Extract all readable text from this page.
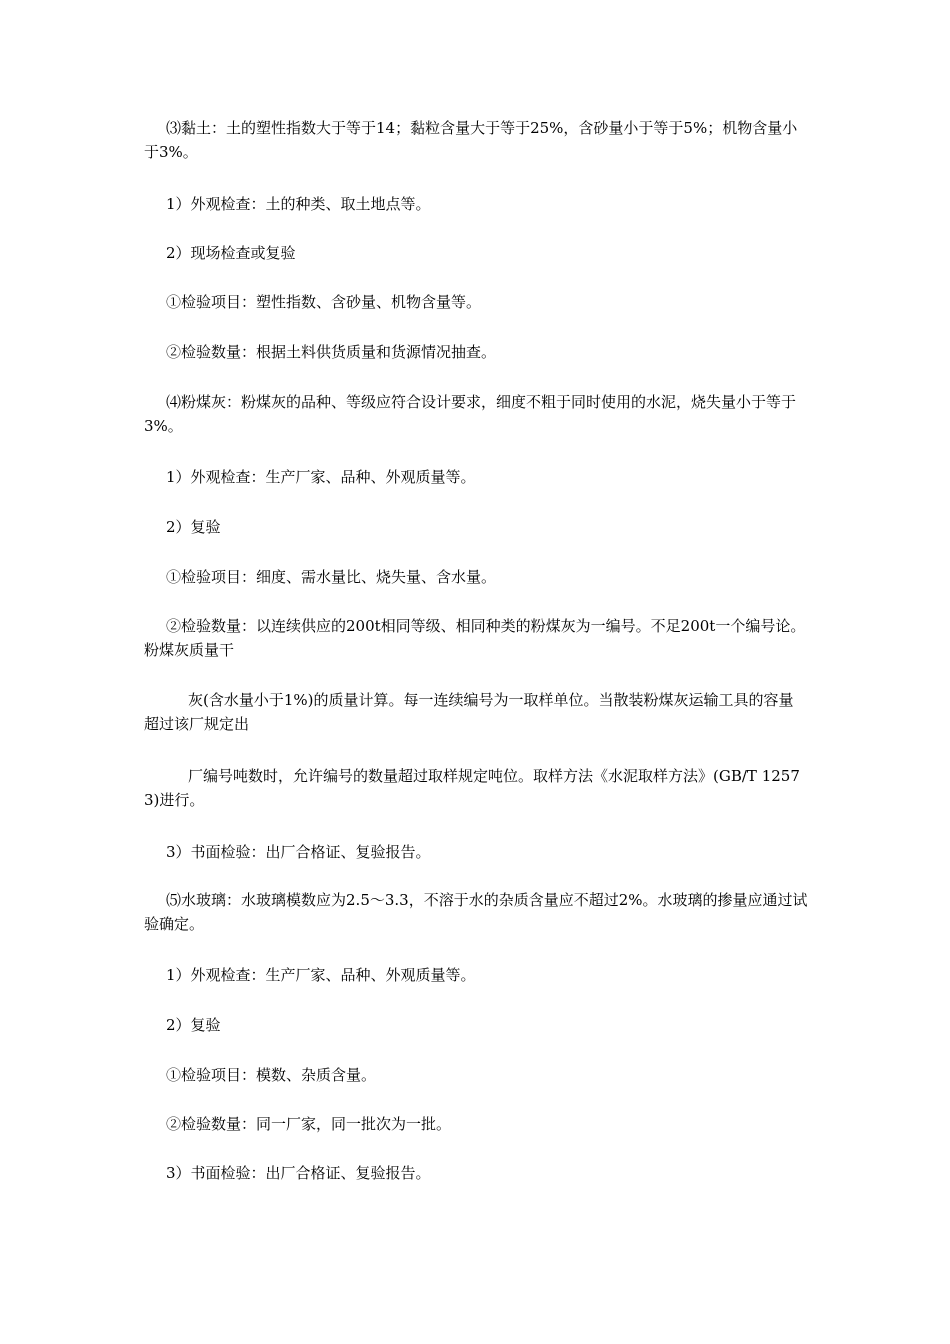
⑶黏土：土的塑性指数大于等于14；黏粒含量大于等于25%，含砂量小于等于5%；机物含量小于3%。

1）外观检查：土的种类、取土地点等。

2）现场检查或复验

①检验项目：塑性指数、含砂量、机物含量等。

②检验数量：根据土料供货质量和货源情况抽查。

⑷粉煤灰：粉煤灰的品种、等级应符合设计要求，细度不粗于同时使用的水泥，烧失量小于等于3%。

1）外观检查：生产厂家、品种、外观质量等。

2）复验

①检验项目：细度、需水量比、烧失量、含水量。

②检验数量：以连续供应的200t相同等级、相同种类的粉煤灰为一编号。不足200t一个编号论。粉煤灰质量干

灰(含水量小于1%)的质量计算。每一连续编号为一取样单位。当散装粉煤灰运输工具的容量超过该厂规定出

厂编号吨数时，允许编号的数量超过取样规定吨位。取样方法《水泥取样方法》(GB/T 12573)进行。

3）书面检验：出厂合格证、复验报告。

⑸水玻璃：水玻璃模数应为2.5～3.3，不溶于水的杂质含量应不超过2%。水玻璃的掺量应通过试验确定。

1）外观检查：生产厂家、品种、外观质量等。

2）复验

①检验项目：模数、杂质含量。

②检验数量：同一厂家，同一批次为一批。

3）书面检验：出厂合格证、复验报告。
